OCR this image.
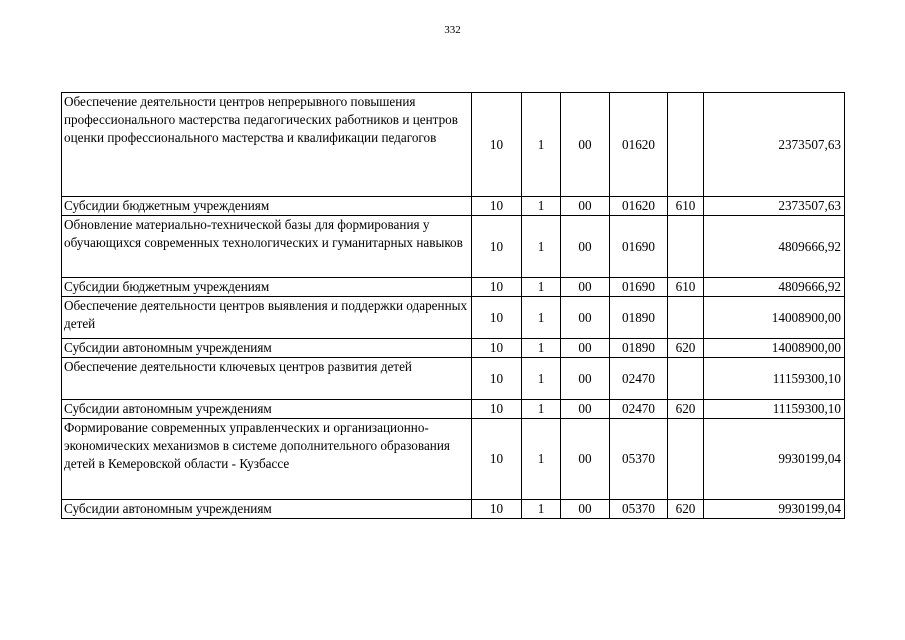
332
Обеспечение деятельности центров непрерывного повышения профессионального мастерства педагогических работников и центров оценки профессионального мастерства и квалификации педагогов	10	1	00	01620		2373507,63
Субсидии бюджетным учреждениям	10	1	00	01620	610	2373507,63
Обновление материально-технической базы для формирования у обучающихся современных технологических и гуманитарных навыков	10	1	00	01690		4809666,92
Субсидии бюджетным учреждениям	10	1	00	01690	610	4809666,92
Обеспечение деятельности центров выявления и поддержки одаренных детей	10	1	00	01890		14008900,00
Субсидии автономным учреждениям	10	1	00	01890	620	14008900,00
Обеспечение деятельности ключевых центров развития детей	10	1	00	02470		11159300,10
Субсидии автономным учреждениям	10	1	00	02470	620	11159300,10
Формирование современных управленческих и организационно-экономических механизмов в системе дополнительного образования детей в Кемеровской области - Кузбассе	10	1	00	05370		9930199,04
Субсидии автономным учреждениям	10	1	00	05370	620	9930199,04
